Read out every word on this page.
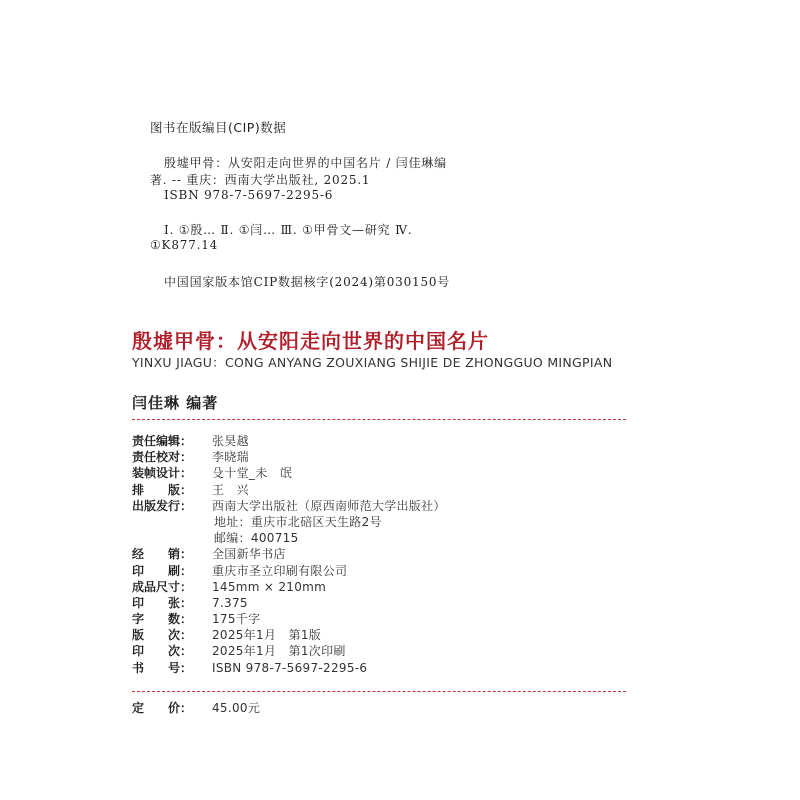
图书在版编目(CIP)数据
殷墟甲骨：从安阳走向世界的中国名片 / 闫佳琳编
著. -- 重庆：西南大学出版社, 2025.1
ISBN 978-7-5697-2295-6
Ⅰ. ①殷… Ⅱ. ①闫… Ⅲ. ①甲骨文—研究 Ⅳ.
①K877.14
中国国家版本馆CIP数据核字(2024)第030150号
殷墟甲骨：从安阳走向世界的中国名片
YINXU JIAGU：CONG ANYANG ZOUXIANG SHIJIE DE ZHONGGUO MINGPIAN
闫佳琳 编著
责任编辑：	张昊越
责任校对：	李晓瑞
装帧设计：	殳十堂_未　氓
排　　版：	王　兴
出版发行：	西南大学出版社（原西南师范大学出版社）
地址：重庆市北碚区天生路2号
邮编：400715
经　　销：	全国新华书店
印　　刷：	重庆市圣立印刷有限公司
成品尺寸：	145mm × 210mm
印　　张：	7.375
字　　数：	175千字
版　　次：	2025年1月　第1版
印　　次：	2025年1月　第1次印刷
书　　号：	ISBN 978-7-5697-2295-6
定　　价：	45.00元
